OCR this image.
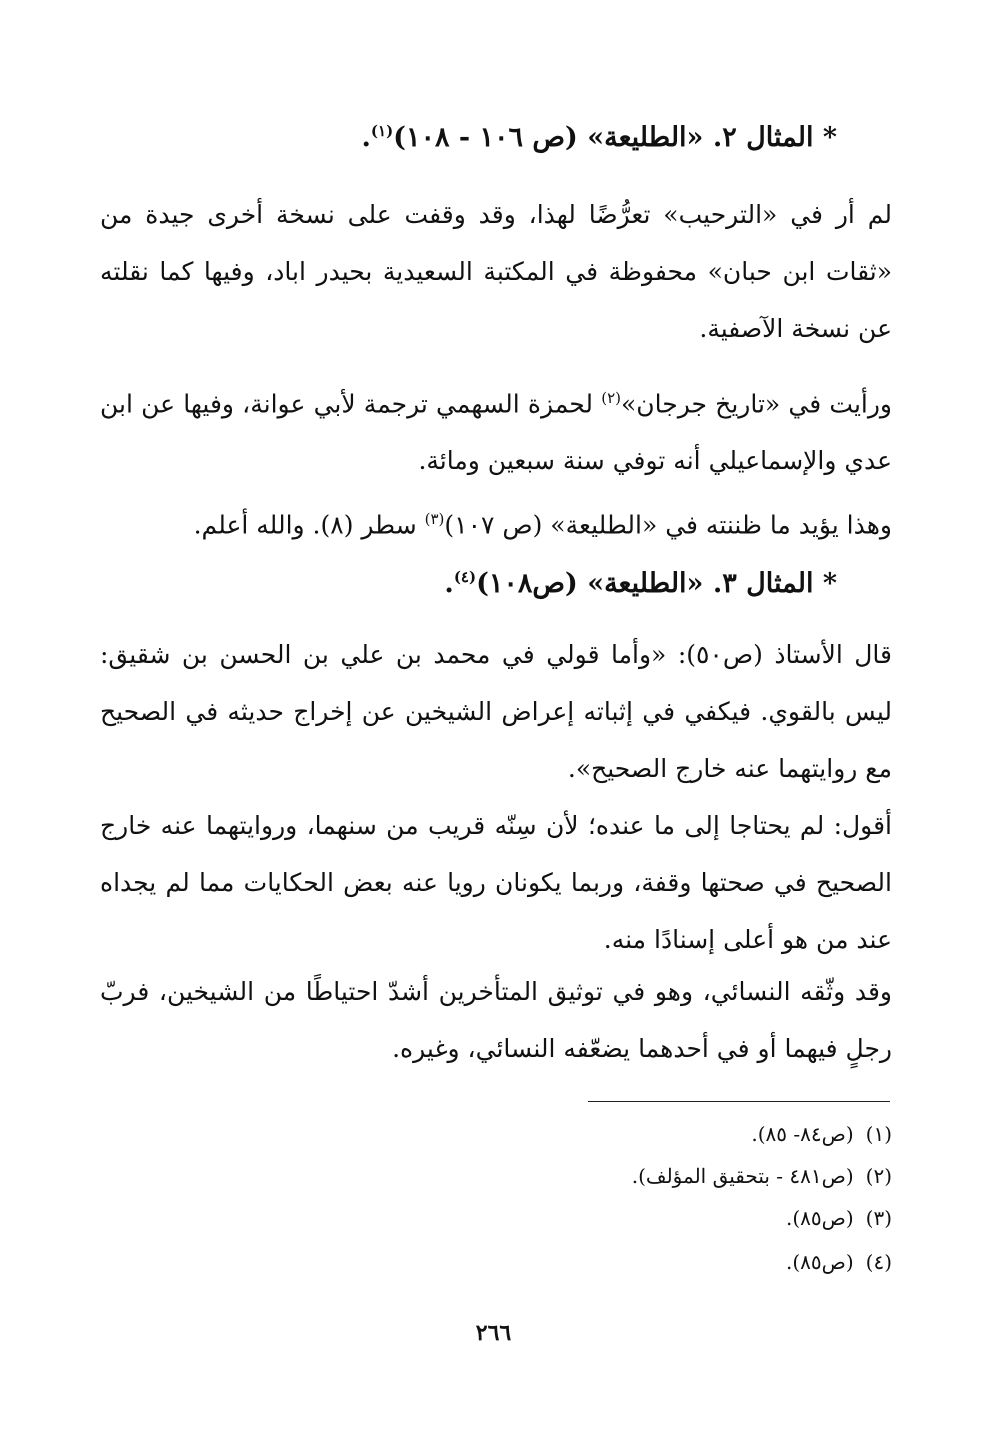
* المثال ٢. «الطليعة» (ص ١٠٦ - ١٠٨)$^{(١)}$.
لم أر في «الترحيب» تعرُّضًا لهذا، وقد وقفت على نسخة أخرى جيدة من «ثقات ابن حبان» محفوظة في المكتبة السعيدية بحيدر اباد، وفيها كما نقلته عن نسخة الآصفية.
ورأيت في «تاريخ جرجان»$^{(٢)}$ لحمزة السهمي ترجمة لأبي عوانة، وفيها عن ابن عدي والإسماعيلي أنه توفي سنة سبعين ومائة.
وهذا يؤيد ما ظننته في «الطليعة» (ص ١٠٧)$^{(٣)}$ سطر (٨). والله أعلم.
* المثال ٣. «الطليعة» (ص١٠٨)$^{(٤)}$.
قال الأستاذ (ص٥٠): «وأما قولي في محمد بن علي بن الحسن بن شقيق: ليس بالقوي. فيكفي في إثباته إعراض الشيخين عن إخراج حديثه في الصحيح مع روايتهما عنه خارج الصحيح».
أقول: لم يحتاجا إلى ما عنده؛ لأن سِنّه قريب من سنهما، وروايتهما عنه خارج الصحيح في صحتها وقفة، وربما يكونان رويا عنه بعض الحكايات مما لم يجداه عند من هو أعلى إسنادًا منه.
وقد وثّقه النسائي، وهو في توثيق المتأخرين أشدّ احتياطًا من الشيخين، فربّ رجلٍ فيهما أو في أحدهما يضعّفه النسائي، وغيره.
(١)(ص٨٤- ٨٥).
(٢)(ص٤٨١ - بتحقيق المؤلف).
(٣)(ص٨٥).
(٤)(ص٨٥).
٢٦٦
